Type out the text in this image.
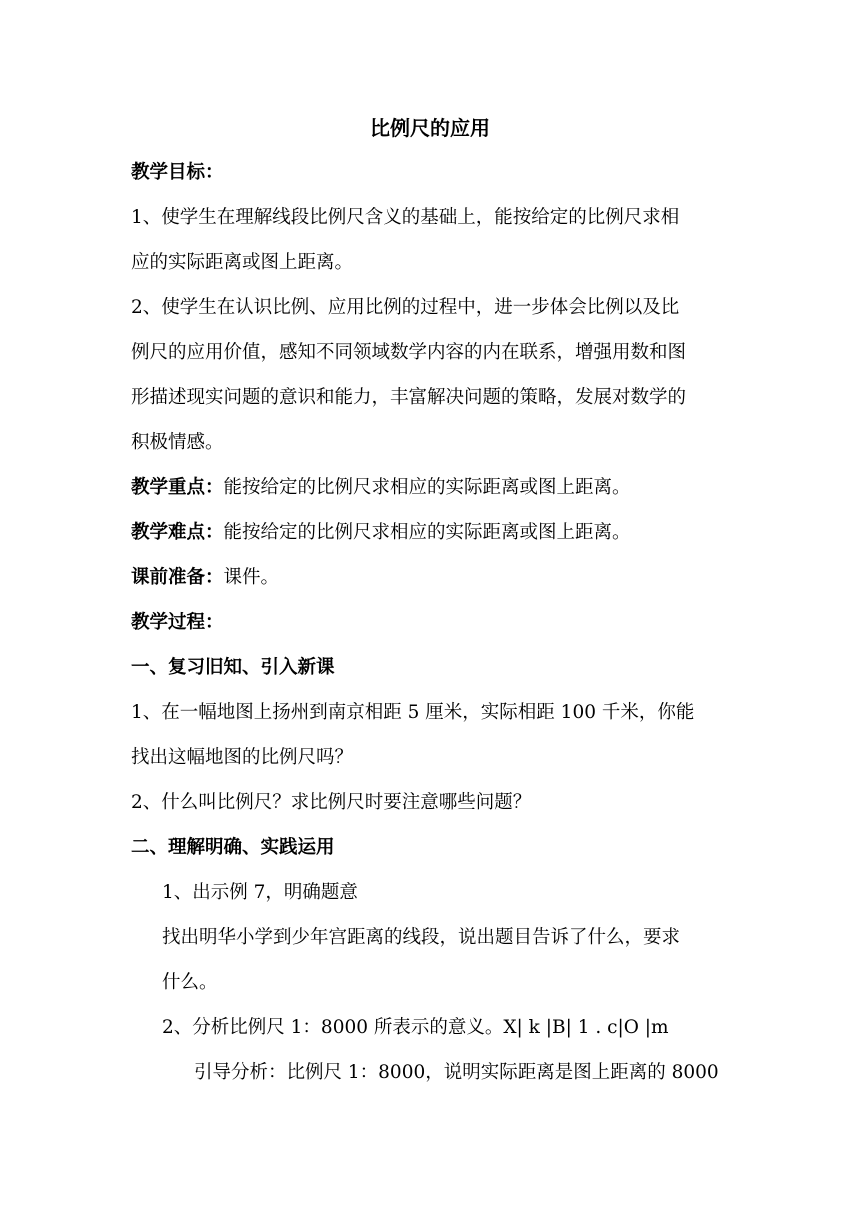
比例尺的应用
教学目标：
1、使学生在理解线段比例尺含义的基础上，能按给定的比例尺求相
应的实际距离或图上距离。
2、使学生在认识比例、应用比例的过程中，进一步体会比例以及比
例尺的应用价值，感知不同领域数学内容的内在联系，增强用数和图
形描述现实问题的意识和能力，丰富解决问题的策略，发展对数学的
积极情感。
教学重点：能按给定的比例尺求相应的实际距离或图上距离。
教学难点：能按给定的比例尺求相应的实际距离或图上距离。
课前准备：课件。
教学过程：
一、复习旧知、引入新课
1、在一幅地图上扬州到南京相距 5 厘米，实际相距 100 千米，你能
找出这幅地图的比例尺吗？
2、什么叫比例尺？求比例尺时要注意哪些问题？
二、理解明确、实践运用
1、出示例 7，明确题意
找出明华小学到少年宫距离的线段，说出题目告诉了什么，要求
什么。
2、分析比例尺 1：8000 所表示的意义。X| k |B| 1 . c|O |m
引导分析：比例尺 1：8000，说明实际距离是图上距离的 8000
